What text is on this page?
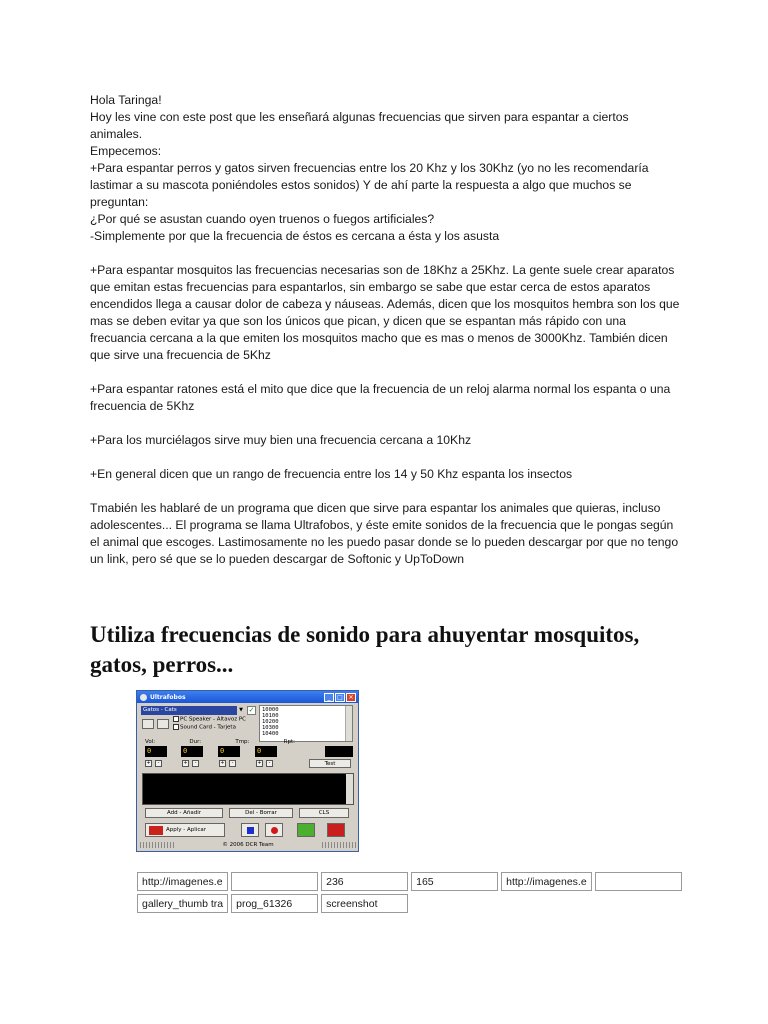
Hola Taringa!

Hoy les vine con este post que les enseñará algunas frecuencias que sirven para espantar a ciertos animales.

Empecemos:

+Para espantar perros y gatos sirven frecuencias entre los 20 Khz y los 30Khz (yo no les recomendaría lastimar a su mascota poniéndoles estos sonidos) Y de ahí parte la respuesta a algo que muchos se preguntan:

¿Por qué se asustan cuando oyen truenos o fuegos artificiales?

-Simplemente por que la frecuencia de éstos es cercana a ésta y los asusta

+Para espantar mosquitos las frecuencias necesarias son de 18Khz a 25Khz. La gente suele crear aparatos que emitan estas frecuencias para espantarlos, sin embargo se sabe que estar cerca de estos aparatos encendidos llega a causar dolor de cabeza y náuseas. Además, dicen que los mosquitos hembra son los que mas se deben evitar ya que son los únicos que pican, y dicen que se espantan más rápido con una frecuancia cercana a la que emiten los mosquitos macho que es mas o menos de 3000Khz. También dicen que sirve una frecuencia de 5Khz

+Para espantar ratones está el mito que dice que la frecuencia de un reloj alarma normal los espanta o una frecuencia de 5Khz

+Para los murciélagos sirve muy bien una frecuencia cercana a 10Khz

+En general dicen que un rango de frecuencia entre los 14 y 50 Khz espanta los insectos

Tmabién les hablaré de un programa que dicen que sirve para espantar los animales que quieras, incluso adolescentes... El programa se llama Ultrafobos, y éste emite sonidos de la frecuencia que le pongas según el animal que escoges. Lastimosamente no les puedo pasar donde se lo pueden descargar por que no tengo un link, pero sé que se lo pueden descargar de Softonic y UpToDown

Utiliza frecuencias de sonido para ahuyentar mosquitos, gatos, perros...
Ultrafobos	_	□ ✕
Gatos - Cats	▼ ✓ 10000
10100
10200
10300
10400
PC Speaker - Altavoz PC
Sound Card - Tarjeta
Vol:	Dur:	Tmp:	Rpt:
0	0	0	0
+	-	+	-	+	-	+	-	Test
Add - Añadir	Del - Borrar	CLS
Apply - Aplicar
© 2006 DCR Team
http://imagenes.e		236	165	http://imagenes.e	
gallery_thumb tra	prog_61326	screenshot			
